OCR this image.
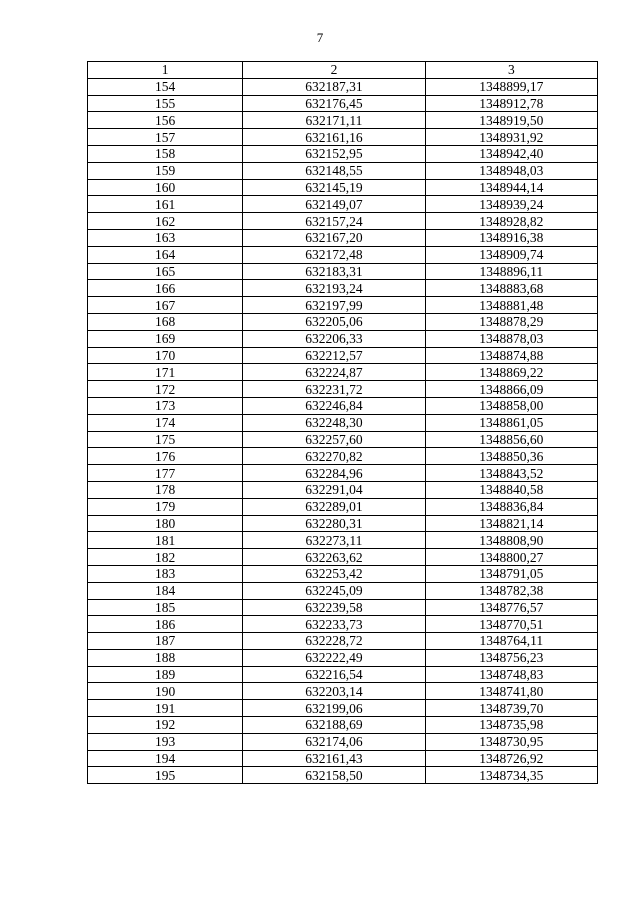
7
1	2	3
154	632187,31	1348899,17
155	632176,45	1348912,78
156	632171,11	1348919,50
157	632161,16	1348931,92
158	632152,95	1348942,40
159	632148,55	1348948,03
160	632145,19	1348944,14
161	632149,07	1348939,24
162	632157,24	1348928,82
163	632167,20	1348916,38
164	632172,48	1348909,74
165	632183,31	1348896,11
166	632193,24	1348883,68
167	632197,99	1348881,48
168	632205,06	1348878,29
169	632206,33	1348878,03
170	632212,57	1348874,88
171	632224,87	1348869,22
172	632231,72	1348866,09
173	632246,84	1348858,00
174	632248,30	1348861,05
175	632257,60	1348856,60
176	632270,82	1348850,36
177	632284,96	1348843,52
178	632291,04	1348840,58
179	632289,01	1348836,84
180	632280,31	1348821,14
181	632273,11	1348808,90
182	632263,62	1348800,27
183	632253,42	1348791,05
184	632245,09	1348782,38
185	632239,58	1348776,57
186	632233,73	1348770,51
187	632228,72	1348764,11
188	632222,49	1348756,23
189	632216,54	1348748,83
190	632203,14	1348741,80
191	632199,06	1348739,70
192	632188,69	1348735,98
193	632174,06	1348730,95
194	632161,43	1348726,92
195	632158,50	1348734,35
